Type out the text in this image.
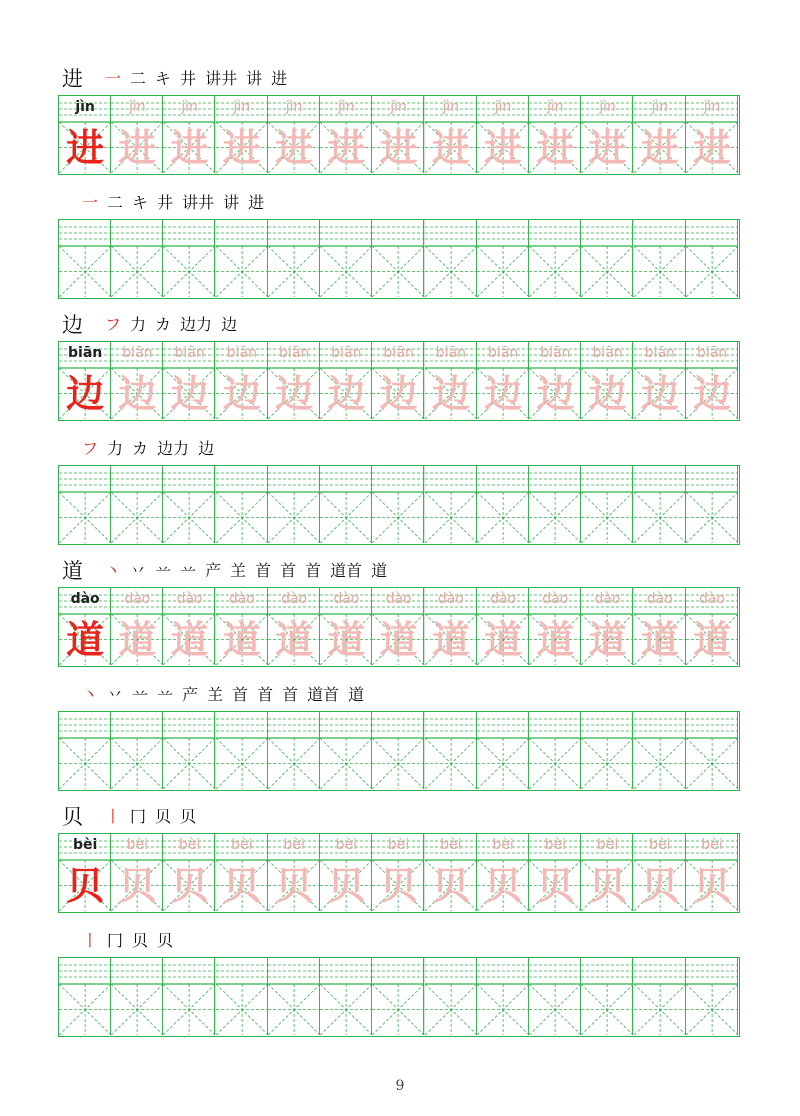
进 一 二 キ 井 讲井 讲 进
jìn
进
jìn
进
jìn
进
jìn
进
jìn
进
jìn
进
jìn
进
jìn
进
jìn
进
jìn
进
jìn
进
jìn
进
jìn
进
一 二 キ 井 讲井 讲 进
边 フ 力 カ 边力 边
biān
边
biān
边
biān
边
biān
边
biān
边
biān
边
biān
边
biān
边
biān
边
biān
边
biān
边
biān
边
biān
边
フ 力 カ 边力 边
道 丶 丷 䒑 䒑 产 𦍌 首 首 首 道首 道
dào
道
dào
道
dào
道
dào
道
dào
道
dào
道
dào
道
dào
道
dào
道
dào
道
dào
道
dào
道
dào
道
丶 丷 䒑 䒑 产 𦍌 首 首 首 道首 道
贝 丨 冂 贝 贝
bèi
贝
bèi
贝
bèi
贝
bèi
贝
bèi
贝
bèi
贝
bèi
贝
bèi
贝
bèi
贝
bèi
贝
bèi
贝
bèi
贝
bèi
贝
丨 冂 贝 贝
9
